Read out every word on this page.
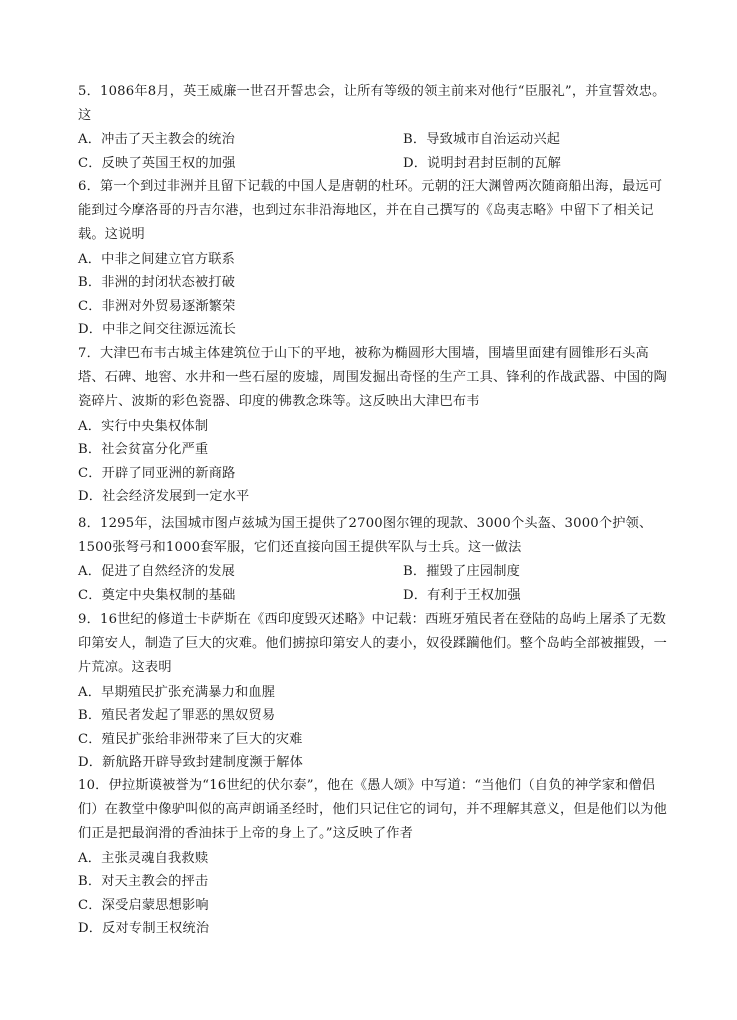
5．1086年8月，英王威廉一世召开誓忠会，让所有等级的领主前来对他行“臣服礼”，并宣誓效忠。这

A．冲击了天主教会的统治	B．导致城市自治运动兴起
C．反映了英国王权的加强	D．说明封君封臣制的瓦解

6．第一个到过非洲并且留下记载的中国人是唐朝的杜环。元朝的汪大渊曾两次随商船出海，最远可能到过今摩洛哥的丹吉尔港，也到过东非沿海地区，并在自己撰写的《岛夷志略》中留下了相关记载。这说明

A．中非之间建立官方联系
B．非洲的封闭状态被打破
C．非洲对外贸易逐渐繁荣
D．中非之间交往源远流长

7．大津巴布韦古城主体建筑位于山下的平地，被称为椭圆形大围墙，围墙里面建有圆锥形石头高塔、石碑、地窖、水井和一些石屋的废墟，周围发掘出奇怪的生产工具、锋利的作战武器、中国的陶瓷碎片、波斯的彩色瓷器、印度的佛教念珠等。这反映出大津巴布韦

A．实行中央集权体制
B．社会贫富分化严重
C．开辟了同亚洲的新商路
D．社会经济发展到一定水平

8．1295年，法国城市图卢兹城为国王提供了2700图尔锂的现款、3000个头盔、3000个护领、1500张弩弓和1000套军服，它们还直接向国王提供军队与士兵。这一做法

A．促进了自然经济的发展	B．摧毁了庄园制度
C．奠定中央集权制的基础	D．有利于王权加强

9．16世纪的修道士卡萨斯在《西印度毁灭述略》中记载：西班牙殖民者在登陆的岛屿上屠杀了无数印第安人，制造了巨大的灾难。他们掳掠印第安人的妻小，奴役蹂躏他们。整个岛屿全部被摧毁，一片荒凉。这表明

A．早期殖民扩张充满暴力和血腥
B．殖民者发起了罪恶的黑奴贸易
C．殖民扩张给非洲带来了巨大的灾难
D．新航路开辟导致封建制度濒于解体

10．伊拉斯谟被誉为“16世纪的伏尔泰”，他在《愚人颂》中写道：“当他们（自负的神学家和僧侣们）在教堂中像驴叫似的高声朗诵圣经时，他们只记住它的词句，并不理解其意义，但是他们以为他们正是把最润滑的香油抹于上帝的身上了。”这反映了作者

A．主张灵魂自我救赎
B．对天主教会的抨击
C．深受启蒙思想影响
D．反对专制王权统治
